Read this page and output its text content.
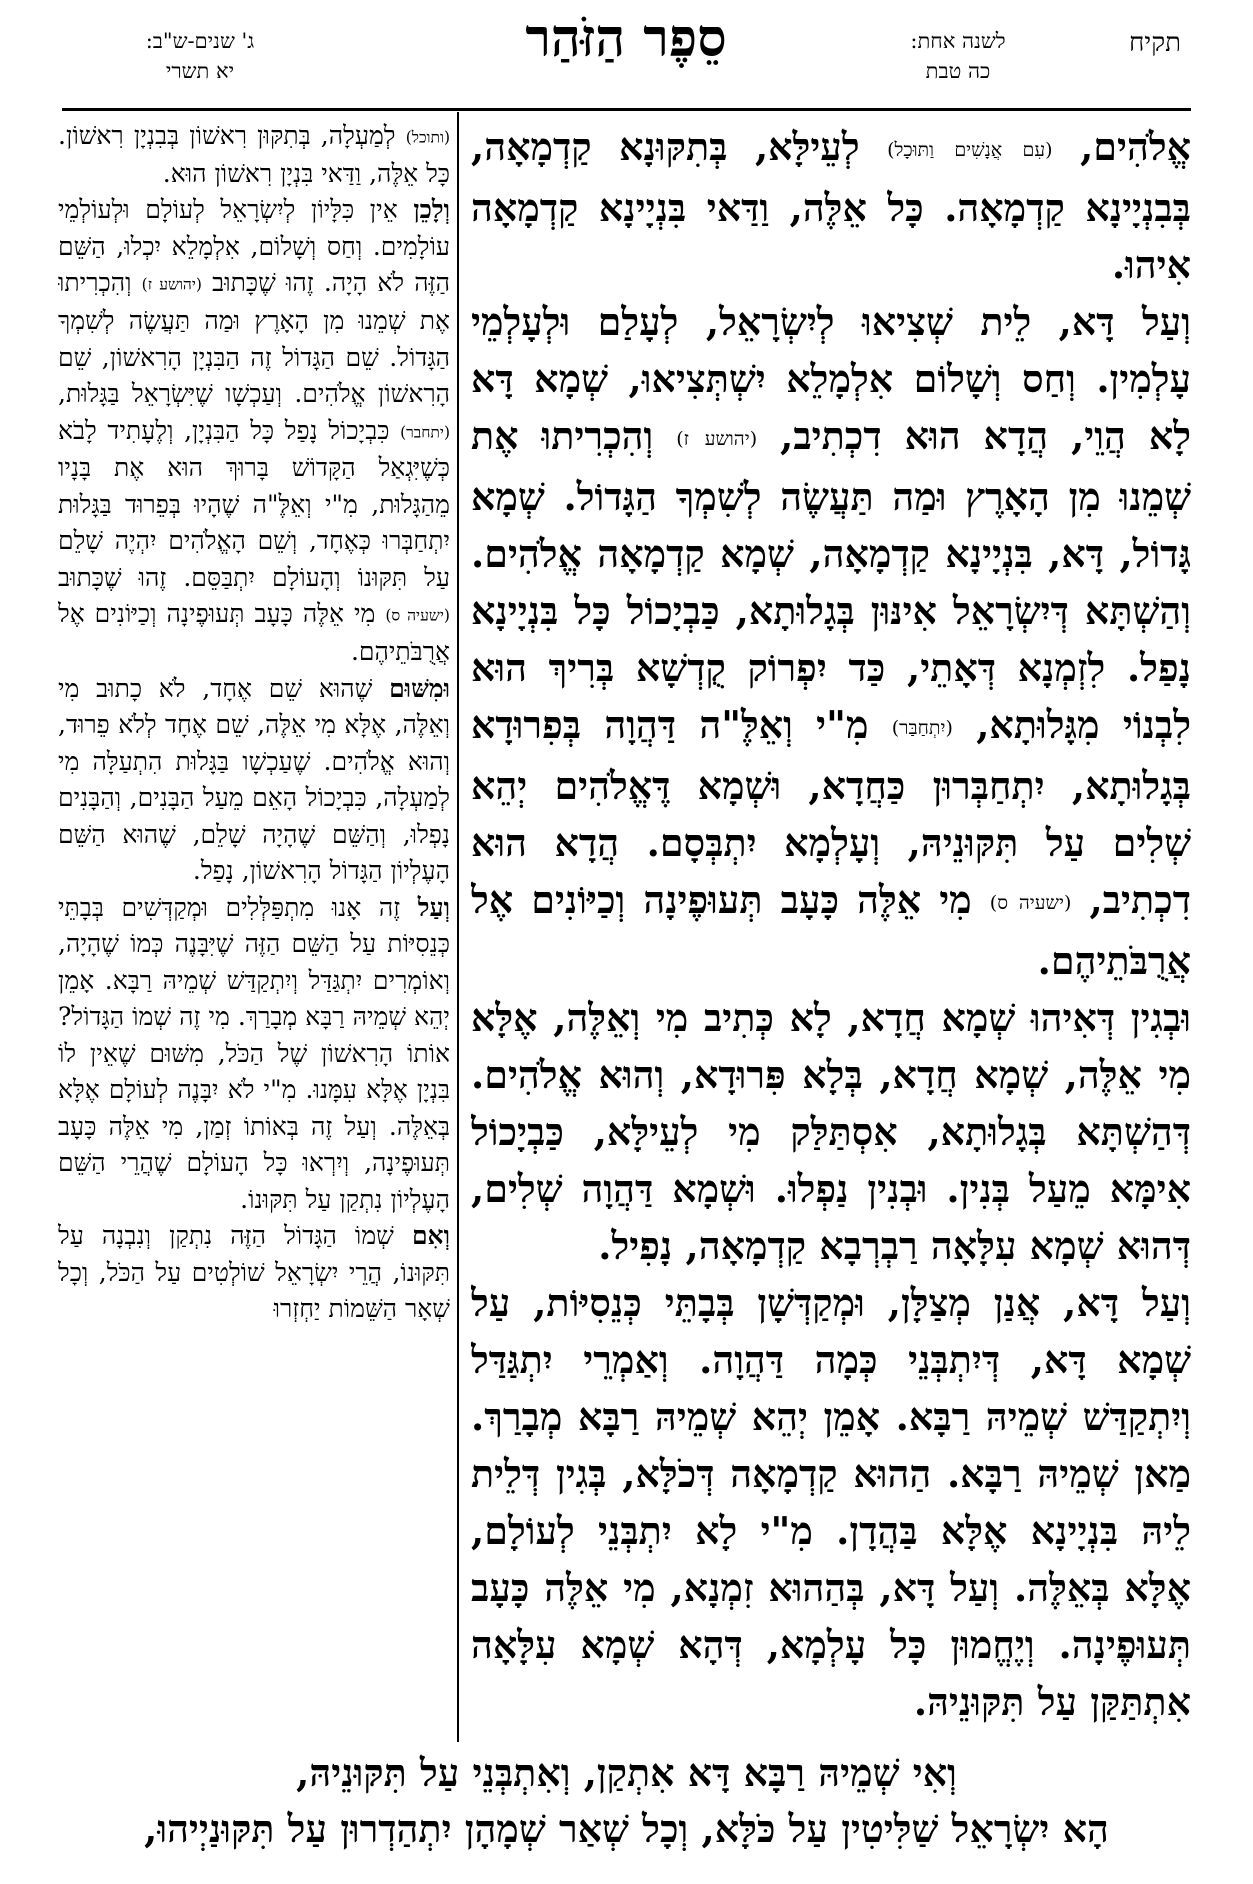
תקיח
לשנה אחת:
כה טבת
סֵפֶר הַזֹּהַר
ג' שנים-ש"ב:
יא תשרי

אֱלֹהִים, (עִם אֲנָשִׁים וַתּוּכָל) לְעֵילָּא, בְּתִקּוּנָא קַדְמָאָה, בְּבִנְיָינָא קַדְמָאָה. כָּל אֵלֶּה, וַדַּאי בִּנְיָינָא קַדְמָאָה אִיהוּ.

וְעַל דָּא, לֵית שְׁצִיאוּ לְיִשְׂרָאֵל, לְעָלַם וּלְעָלְמֵי עָלְמִין. וְחַס וְשָׁלוֹם אִלְמָלֵא יִשְׁתְּצִיאוּ, שְׁמָא דָּא לָא הֲוֵי, הֲדָא הוּא דִכְתִיב, (יהושע ז) וְהִכְרִיתוּ אֶת שְׁמֵנוּ מִן הָאָרֶץ וּמַה תַּעֲשֶׂה לְשִׁמְךָ הַגָּדוֹל. שְׁמָא גָּדוֹל, דָּא, בִּנְיָינָא קַדְמָאָה, שְׁמָא קַדְמָאָה אֱלֹהִים. וְהַשְׁתָּא דְּיִשְׂרָאֵל אִינּוּן בְּגָלוּתָא, כַּבְיָכוֹל כָּל בִּנְיָינָא נָפַל. לִזְמְנָא דְּאָתֵי, כַּד יִפְרוֹק קֻדְשָׁא בְּרִיךְ הוּא לִבְנוֹי מִגָּלוּתָא, (יִתְחַבַּר) מִ"י וְאֵלֶּ"ה דַּהֲוָה בְּפִרוּדָא בְּגָלוּתָא, יִתְחַבְּרוּן כַּחֲדָא, וּשְׁמָא דֶּאֱלֹהִים יְהֵא שְׁלִים עַל תִּקּוּנֵיהּ, וְעָלְמָא יִתְבְּסָם. הֲדָא הוּא דִכְתִיב, (ישעיה ס) מִי אֵלֶּה כָּעָב תְּעוּפֶינָה וְכַיּוֹנִים אֶל אֲרֻבֹּתֵיהֶם.

וּבְגִין דְּאִיהוּ שְׁמָא חֲדָא, לָא כְּתִיב מִי וְאֵלֶּה, אֶלָּא מִי אֵלֶּה, שְׁמָא חֲדָא, בְּלָא פִּרוּדָא, וְהוּא אֱלֹהִים. דְּהַשְׁתָּא בְּגָלוּתָא, אִסְתַּלַּק מִי לְעֵילָּא, כַּבְיָכוֹל אִימָּא מֵעַל בְּנִין. וּבְנִין נַפְלוּ. וּשְׁמָא דַּהֲוָה שְׁלִים, דְּהוּא שְׁמָא עִלָּאָה רַבְרְבָא קַדְמָאָה, נָפִיל.

וְעַל דָּא, אֲנַן מְצַלָּן, וּמְקַדְּשָׁן בְּבָתֵּי כְּנֵסִיּוֹת, עַל שְׁמָא דָּא, דְּיִתְבְּנֵי כְּמָה דַּהֲוָה. וְאַמְרֵי יִתְגַּדַּל וְיִתְקַדַּשׁ שְׁמֵיהּ רַבָּא. אָמֵן יְהֵא שְׁמֵיהּ רַבָּא מְבָרַךְ. מַאן שְׁמֵיהּ רַבָּא. הַהוּא קַדְמָאָה דְּכֹלָּא, בְּגִין דְּלֵית לֵיהּ בִּנְיָינָא אֶלָּא בַּהֲדָן. מִ"י לָא יִתְבְּנֵי לְעוֹלָם, אֶלָּא בְּאֵלֶּה. וְעַל דָּא, בְּהַהוּא זִמְנָא, מִי אֵלֶּה כָּעָב תְּעוּפֶינָה. וְיֶחֱמוּן כָּל עָלְמָא, דְּהָא שְׁמָא עִלָּאָה אִתְתַּקַּן עַל תִּקּוּנֵיהּ.

(ותוכל) לְמַעְלָה, בְּתִקּוּן רִאשׁוֹן בְּבִנְיָן רִאשׁוֹן. כָּל אֵלֶּה, וַדַּאי בִּנְיָן רִאשׁוֹן הוּא.

וְלָכֵן אֵין כִּלָּיוֹן לְיִשְׂרָאֵל לְעוֹלָם וּלְעוֹלְמֵי עוֹלָמִים. וְחַס וְשָׁלוֹם, אִלְמָלֵא יִכְלוּ, הַשֵּׁם הַזֶּה לֹא הָיָה. זֶהוּ שֶׁכָּתוּב (יהושע ז) וְהִכְרִיתוּ אֶת שְׁמֵנוּ מִן הָאָרֶץ וּמַה תַּעֲשֶׂה לְשִׁמְךָ הַגָּדוֹל. שֵׁם הַגָּדוֹל זֶה הַבִּנְיָן הָרִאשׁוֹן, שֵׁם הָרִאשׁוֹן אֱלֹהִים. וְעַכְשָׁו שֶׁיִּשְׂרָאֵל בַּגָּלוּת, (יתחבר) כִּבְיָכוֹל נָפַל כָּל הַבִּנְיָן, וְלֶעָתִיד לָבֹא כְּשֶׁיִּגְאַל הַקָּדוֹשׁ בָּרוּךְ הוּא אֶת בָּנָיו מֵהַגָּלוּת, מִ"י וְאֵלֶּ"ה שֶׁהָיוּ בְּפֵרוּד בַּגָּלוּת יִתְחַבְּרוּ כְּאֶחָד, וְשֵׁם הָאֱלֹהִים יִהְיֶה שָׁלֵם עַל תִּקּוּנוֹ וְהָעוֹלָם יִתְבַּסֵּם. זֶהוּ שֶׁכָּתוּב (ישעיה ס) מִי אֵלֶּה כָּעָב תְּעוּפֶינָה וְכַיּוֹנִים אֶל אֲרֻבֹּתֵיהֶם.

וּמִשּׁוּם שֶׁהוּא שֵׁם אֶחָד, לֹא כָתוּב מִי וְאֵלֶּה, אֶלָּא מִי אֵלֶּה, שֵׁם אֶחָד לְלֹא פֵרוּד, וְהוּא אֱלֹהִים. שֶׁעַכְשָׁו בַּגָּלוּת הִתְעַלָּה מִי לְמַעְלָה, כִּבְיָכוֹל הָאֵם מֵעַל הַבָּנִים, וְהַבָּנִים נָפְלוּ, וְהַשֵּׁם שֶׁהָיָה שָׁלֵם, שֶׁהוּא הַשֵּׁם הָעֶלְיוֹן הַגָּדוֹל הָרִאשׁוֹן, נָפַל.

וְעַל זֶה אָנוּ מִתְפַּלְּלִים וּמְקַדְּשִׁים בְּבָתֵּי כְּנֵסִיּוֹת עַל הַשֵּׁם הַזֶּה שֶׁיִּבָּנֶה כְּמוֹ שֶׁהָיָה, וְאוֹמְרִים יִתְגַּדַּל וְיִתְקַדַּשׁ שְׁמֵיהּ רַבָּא. אָמֵן יְהֵא שְׁמֵיהּ רַבָּא מְבָרַךְ. מִי זֶה שְׁמוֹ הַגָּדוֹל? אוֹתוֹ הָרִאשׁוֹן שֶׁל הַכֹּל, מִשּׁוּם שֶׁאֵין לוֹ בִּנְיָן אֶלָּא עִמָּנוּ. מִ"י לֹא יִבָּנֶה לְעוֹלָם אֶלָּא בְּאֵלֶּה. וְעַל זֶה בְּאוֹתוֹ זְמַן, מִי אֵלֶּה כָּעָב תְּעוּפֶינָה, וְיִרְאוּ כָּל הָעוֹלָם שֶׁהֲרֵי הַשֵּׁם הָעֶלְיוֹן נִתְקַן עַל תִּקּוּנוֹ.

וְאִם שְׁמוֹ הַגָּדוֹל הַזֶּה נִתְקַן וְנִבְנָה עַל תִּקּוּנוֹ, הֲרֵי יִשְׂרָאֵל שׁוֹלְטִים עַל הַכֹּל, וְכָל שְׁאָר הַשֵּׁמוֹת יַחְזְרוּ

וְאִי שְׁמֵיהּ רַבָּא דָּא אִתְקַן, וְאִתְבְּנֵי עַל תִּקּוּנֵיהּ,
הָא יִשְׂרָאֵל שַׁלִּיטִין עַל כֹּלָּא, וְכָל שְׁאַר שְׁמָהָן יִתְהַדְרוּן עַל תִּקּוּנַיְיהוּ,
